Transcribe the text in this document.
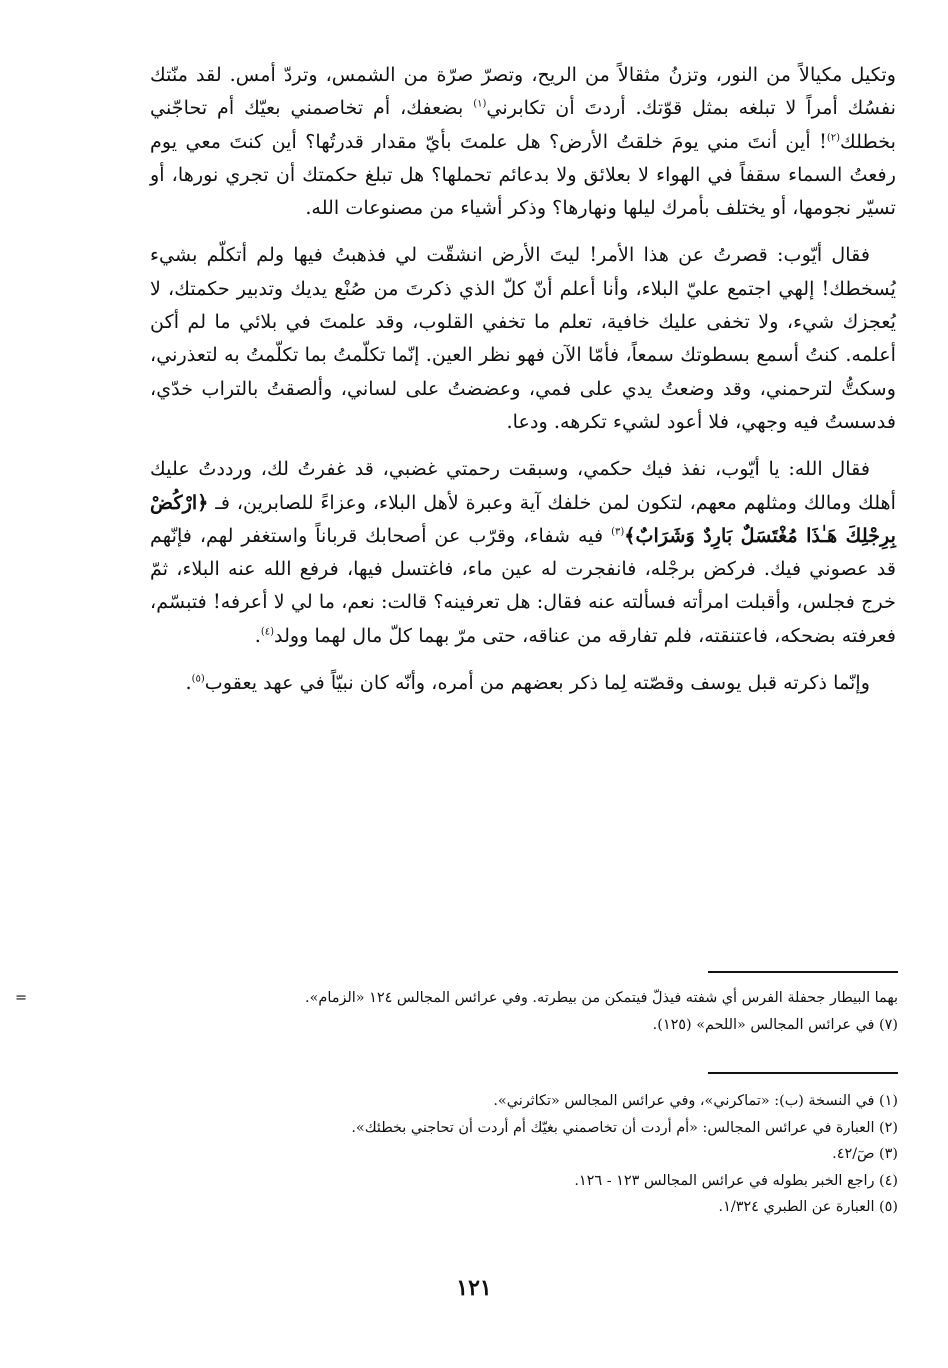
وتكيل مكيالاً من النور، وتزنُ مثقالاً من الريح، وتصرّ صرّة من الشمس، وتردّ أمس. لقد منّتك نفسُك أمراً لا تبلغه بمثل قوّتك. أردتَ أن تكابرني$^{(١)}$ بضعفك، أم تخاصمني بعيّك أم تحاجّني بخطلك$^{(٢)}$! أين أنتَ مني يومَ خلقتُ الأرض؟ هل علمتَ بأيّ مقدار قدرتُها؟ أين كنتَ معي يوم رفعتُ السماء سقفاً في الهواء لا بعلائق ولا بدعائم تحملها؟ هل تبلغ حكمتك أن تجري نورها، أو تسيّر نجومها، أو يختلف بأمرك ليلها ونهارها؟ وذكر أشياء من مصنوعات الله.

فقال أيّوب: قصرتُ عن هذا الأمر! ليتَ الأرض انشقّت لي فذهبتُ فيها ولم أتكلّم بشيء يُسخطك! إلهي اجتمع عليّ البلاء، وأنا أعلم أنّ كلّ الذي ذكرتَ من صُنْع يديك وتدبير حكمتك، لا يُعجزك شيء، ولا تخفى عليك خافية، تعلم ما تخفي القلوب، وقد علمتَ في بلائي ما لم أكن أعلمه. كنتُ أسمع بسطوتك سمعاً، فأمّا الآن فهو نظر العين. إنّما تكلّمتُ بما تكلّمتُ به لتعذرني، وسكتُّ لترحمني، وقد وضعتُ يدي على فمي، وعضضتُ على لساني، وألصقتُ بالتراب خدّي، فدسستُ فيه وجهي، فلا أعود لشيء تكرهه. ودعا.

فقال الله: يا أيّوب، نفذ فيك حكمي، وسبقت رحمتي غضبي، قد غفرتُ لك، ورددتُ عليك أهلك ومالك ومثلهم معهم، لتكون لمن خلفك آية وعبرة لأهل البلاء، وعزاءً للصابرين، فـ ﴿ارْكُضْ بِرِجْلِكَ هَـٰذَا مُغْتَسَلٌ بَارِدٌ وَشَرَابٌ﴾$^{(٣)}$ فيه شفاء، وقرّب عن أصحابك قرباناً واستغفر لهم، فإنّهم قد عصوني فيك. فركض برجْله، فانفجرت له عين ماء، فاغتسل فيها، فرفع الله عنه البلاء، ثمّ خرج فجلس، وأقبلت امرأته فسألته عنه فقال: هل تعرفينه؟ قالت: نعم، ما لي لا أعرفه! فتبسّم، فعرفته بضحكه، فاعتنقته، فلم تفارقه من عناقه، حتى مرّ بهما كلّ مال لهما وولد$^{(٤)}$.

وإنّما ذكرته قبل يوسف وقصّته لِما ذكر بعضهم من أمره، وأنّه كان نبيّاً في عهد يعقوب$^{(٥)}$.

بهما البيطار جحفلة الفرس أي شفته فيذلّ فيتمكن من بيطرته. وفي عرائس المجالس ١٢٤ «الزمام».
=

(٧) في عرائس المجالس «اللحم» (١٢٥).

(١) في النسخة (ب): «تماكرني»، وفي عرائس المجالس «تكاثرني».

(٢) العبارة في عرائس المجالس: «أم أردت أن تخاصمني بغيّك أم أردت أن تحاجني بخطئك».

(٣) صٓ/٤٢.

(٤) راجع الخبر بطوله في عرائس المجالس ١٢٣ - ١٢٦.

(٥) العبارة عن الطبري ١/٣٢٤.

١٢١
